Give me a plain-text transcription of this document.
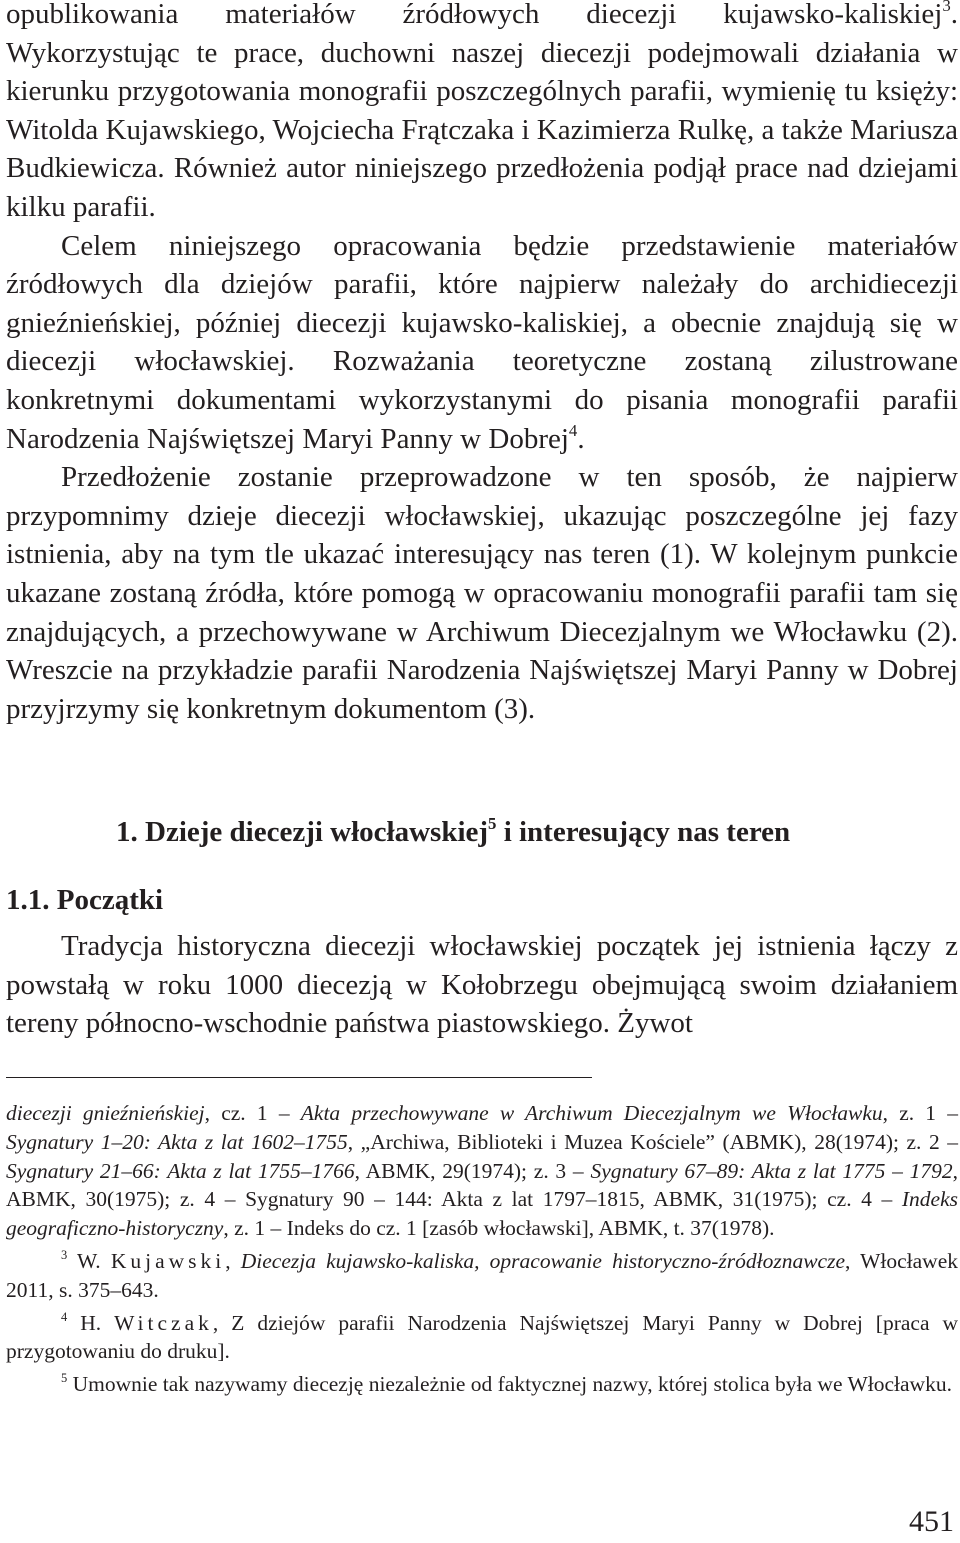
opublikowania materiałów źródłowych diecezji kujawsko-kaliskiej$^3$. Wykorzystując te prace, duchowni naszej diecezji podejmowali działania w kierunku przygotowania monografii poszczególnych parafii, wymienię tu księży: Witolda Kujawskiego, Wojciecha Frątczaka i Kazimierza Rulkę, a także Mariusza Budkiewicza. Również autor niniejszego przedłożenia podjął prace nad dziejami kilku parafii.

Celem niniejszego opracowania będzie przedstawienie materiałów źródłowych dla dziejów parafii, które najpierw należały do archidiecezji gnieźnieńskiej, później diecezji kujawsko-kaliskiej, a obecnie znajdują się w diecezji włocławskiej. Rozważania teoretyczne zostaną zilustrowane konkretnymi dokumentami wykorzystanymi do pisania monografii parafii Narodzenia Najświętszej Maryi Panny w Dobrej$^4$.

Przedłożenie zostanie przeprowadzone w ten sposób, że najpierw przypomnimy dzieje diecezji włocławskiej, ukazując poszczególne jej fazy istnienia, aby na tym tle ukazać interesujący nas teren (1). W kolejnym punkcie ukazane zostaną źródła, które pomogą w opracowaniu monografii parafii tam się znajdujących, a przechowywane w Archiwum Diecezjalnym we Włocławku (2). Wreszcie na przykładzie parafii Narodzenia Najświętszej Maryi Panny w Dobrej przyjrzymy się konkretnym dokumentom (3).

1. Dzieje diecezji włocławskiej$^5$ i interesujący nas teren
1.1. Początki

Tradycja historyczna diecezji włocławskiej początek jej istnienia łączy z powstałą w roku 1000 diecezją w Kołobrzegu obejmującą swoim działaniem tereny północno-wschodnie państwa piastowskiego. Żywot

diecezji gnieźnieńskiej, cz. 1 – Akta przechowywane w Archiwum Diecezjalnym we Włocławku, z. 1 – Sygnatury 1–20: Akta z lat 1602–1755, „Archiwa, Biblioteki i Muzea Kościele” (ABMK), 28(1974); z. 2 – Sygnatury 21–66: Akta z lat 1755–1766, ABMK, 29(1974); z. 3 – Sygnatury 67–89: Akta z lat 1775 – 1792, ABMK, 30(1975); z. 4 – Sygnatury 90 – 144: Akta z lat 1797–1815, ABMK, 31(1975); cz. 4 – Indeks geograficzno-historyczny, z. 1 – Indeks do cz. 1 [zasób włocławski], ABMK, t. 37(1978).

$^3$ W. Kujawski, Diecezja kujawsko-kaliska, opracowanie historyczno-źródłoznawcze, Włocławek 2011, s. 375–643.

$^4$ H. Witczak, Z dziejów parafii Narodzenia Najświętszej Maryi Panny w Dobrej [praca w przygotowaniu do druku].

$^5$ Umownie tak nazywamy diecezję niezależnie od faktycznej nazwy, której stolica była we Włocławku.

451
